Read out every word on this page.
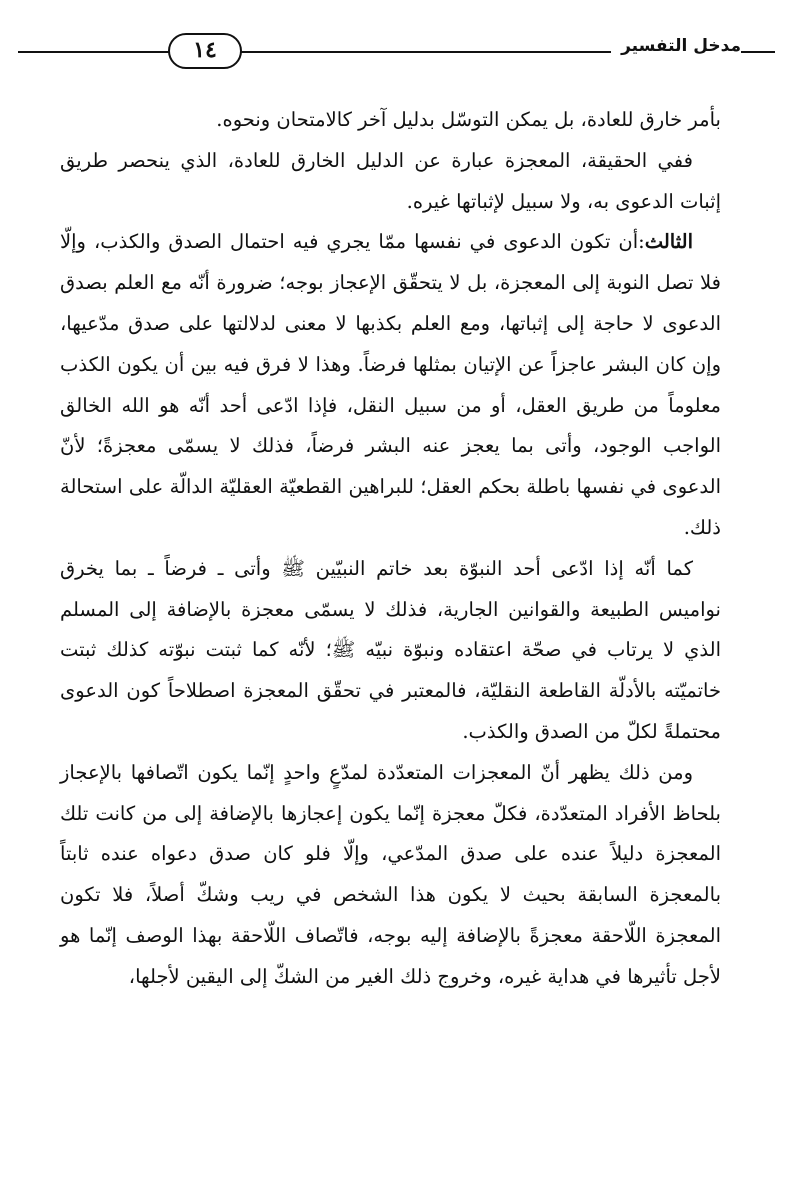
مدخل التفسير
١٤

بأمر خارق للعادة، بل يمكن التوسّل بدليل آخر كالامتحان ونحوه.

ففي الحقيقة، المعجزة عبارة عن الدليل الخارق للعادة، الذي ينحصر طريق إثبات الدعوى به، ولا سبيل لإثباتها غيره.

الثالث:أن تكون الدعوى في نفسها ممّا يجري فيه احتمال الصدق والكذب، وإلّا فلا تصل النوبة إلى المعجزة، بل لا يتحقّق الإعجاز بوجه؛ ضرورة أنّه مع العلم بصدق الدعوى لا حاجة إلى إثباتها، ومع العلم بكذبها لا معنى لدلالتها على صدق مدّعيها، وإن كان البشر عاجزاً عن الإتيان بمثلها فرضاً. وهذا لا فرق فيه بين أن يكون الكذب معلوماً من طريق العقل، أو من سبيل النقل، فإذا ادّعى أحد أنّه هو الله الخالق الواجب الوجود، وأتى بما يعجز عنه البشر فرضاً، فذلك لا يسمّى معجزةً؛ لأنّ الدعوى في نفسها باطلة بحكم العقل؛ للبراهين القطعيّة العقليّة الدالّة على استحالة ذلك.

كما أنّه إذا ادّعى أحد النبوّة بعد خاتم النبيّين ﷺ وأتى ـ فرضاً ـ بما يخرق نواميس الطبيعة والقوانين الجارية، فذلك لا يسمّى معجزة بالإضافة إلى المسلم الذي لا يرتاب في صحّة اعتقاده ونبوّة نبيّه ﷺ؛ لأنّه كما ثبتت نبوّته كذلك ثبتت خاتميّته بالأدلّة القاطعة النقليّة، فالمعتبر في تحقّق المعجزة اصطلاحاً كون الدعوى محتملةً لكلّ من الصدق والكذب.

ومن ذلك يظهر أنّ المعجزات المتعدّدة لمدّعٍ واحدٍ إنّما يكون اتّصافها بالإعجاز بلحاظ الأفراد المتعدّدة، فكلّ معجزة إنّما يكون إعجازها بالإضافة إلى من كانت تلك المعجزة دليلاً عنده على صدق المدّعي، وإلّا فلو كان صدق دعواه عنده ثابتاً بالمعجزة السابقة بحيث لا يكون هذا الشخص في ريب وشكّ أصلاً، فلا تكون المعجزة اللّاحقة معجزةً بالإضافة إليه بوجه، فاتّصاف اللّاحقة بهذا الوصف إنّما هو لأجل تأثيرها في هداية غيره، وخروج ذلك الغير من الشكّ إلى اليقين لأجلها،
